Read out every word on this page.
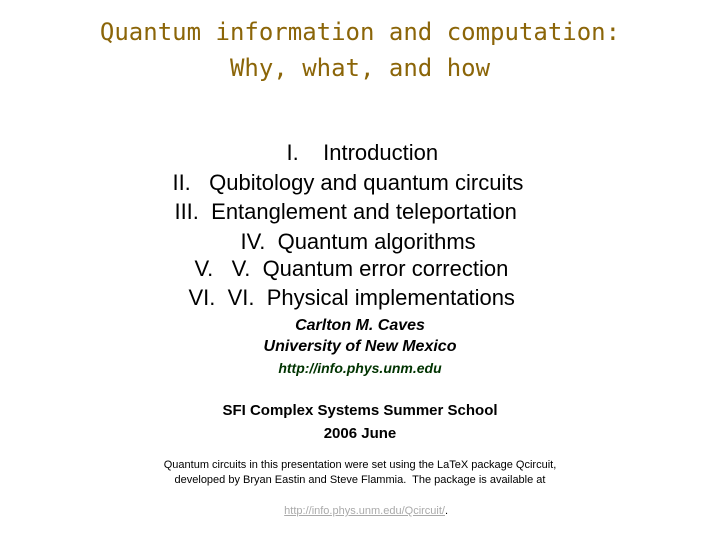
Quantum information and computation:
Why, what, and how

I. Introduction

II. Qubitology and quantum circuits

III. Entanglement and teleportation

IV. Quantum algorithms

V. V.  Quantum error correction

VI. VI.  Physical implementations

Carlton M. Caves
University of New Mexico
http://info.phys.unm.edu
SFI Complex Systems Summer School
2006 June
Quantum circuits in this presentation were set using the LaTeX package Qcircuit,
developed by Bryan Eastin and Steve Flammia.  The package is available at

http://info.phys.unm.edu/Qcircuit/.
